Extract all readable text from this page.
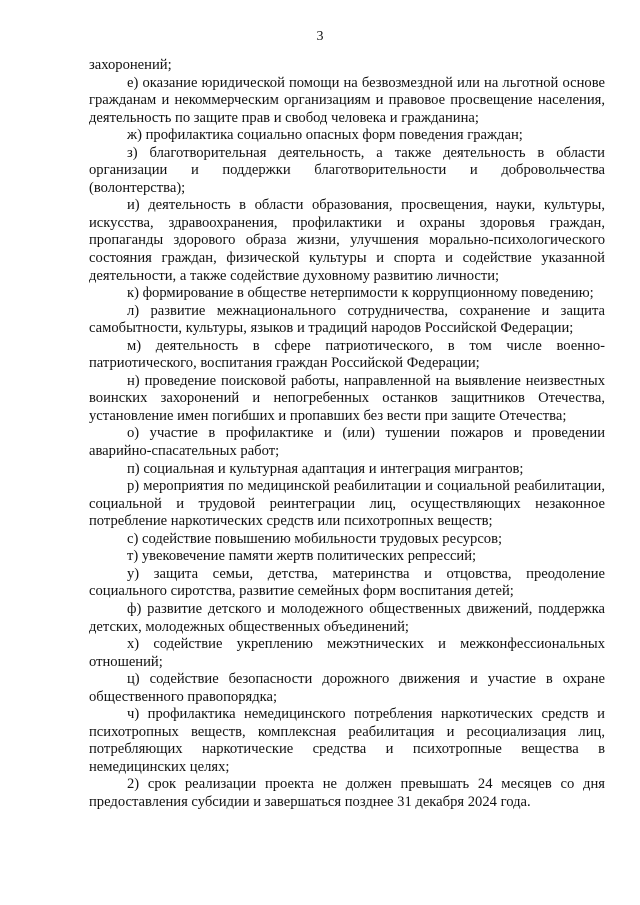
3

захоронений;

е) оказание юридической помощи на безвозмездной или на льготной основе гражданам и некоммерческим организациям и правовое просвещение населения, деятельность по защите прав и свобод человека и гражданина;

ж) профилактика социально опасных форм поведения граждан;

з) благотворительная деятельность, а также деятельность в области организации и поддержки благотворительности и добровольчества (волонтерства);

и) деятельность в области образования, просвещения, науки, культуры, искусства, здравоохранения, профилактики и охраны здоровья граждан, пропаганды здорового образа жизни, улучшения морально-психологического состояния граждан, физической культуры и спорта и содействие указанной деятельности, а также содействие духовному развитию личности;

к) формирование в обществе нетерпимости к коррупционному поведению;

л) развитие межнационального сотрудничества, сохранение и защита самобытности, культуры, языков и традиций народов Российской Федерации;

м) деятельность в сфере патриотического, в том числе военно-патриотического, воспитания граждан Российской Федерации;

н) проведение поисковой работы, направленной на выявление неизвестных воинских захоронений и непогребенных останков защитников Отечества, установление имен погибших и пропавших без вести при защите Отечества;

о) участие в профилактике и (или) тушении пожаров и проведении аварийно-спасательных работ;

п) социальная и культурная адаптация и интеграция мигрантов;

р) мероприятия по медицинской реабилитации и социальной реабилитации, социальной и трудовой реинтеграции лиц, осуществляющих незаконное потребление наркотических средств или психотропных веществ;

с) содействие повышению мобильности трудовых ресурсов;

т) увековечение памяти жертв политических репрессий;

у) защита семьи, детства, материнства и отцовства, преодоление социального сиротства, развитие семейных форм воспитания детей;

ф) развитие детского и молодежного общественных движений, поддержка детских, молодежных общественных объединений;

х) содействие укреплению межэтнических и межконфессиональных отношений;

ц) содействие безопасности дорожного движения и участие в охране общественного правопорядка;

ч) профилактика немедицинского потребления наркотических средств и психотропных веществ, комплексная реабилитация и ресоциализация лиц, потребляющих наркотические средства и психотропные вещества в немедицинских целях;

2) срок реализации проекта не должен превышать 24 месяцев со дня предоставления субсидии и завершаться позднее 31 декабря 2024 года.
